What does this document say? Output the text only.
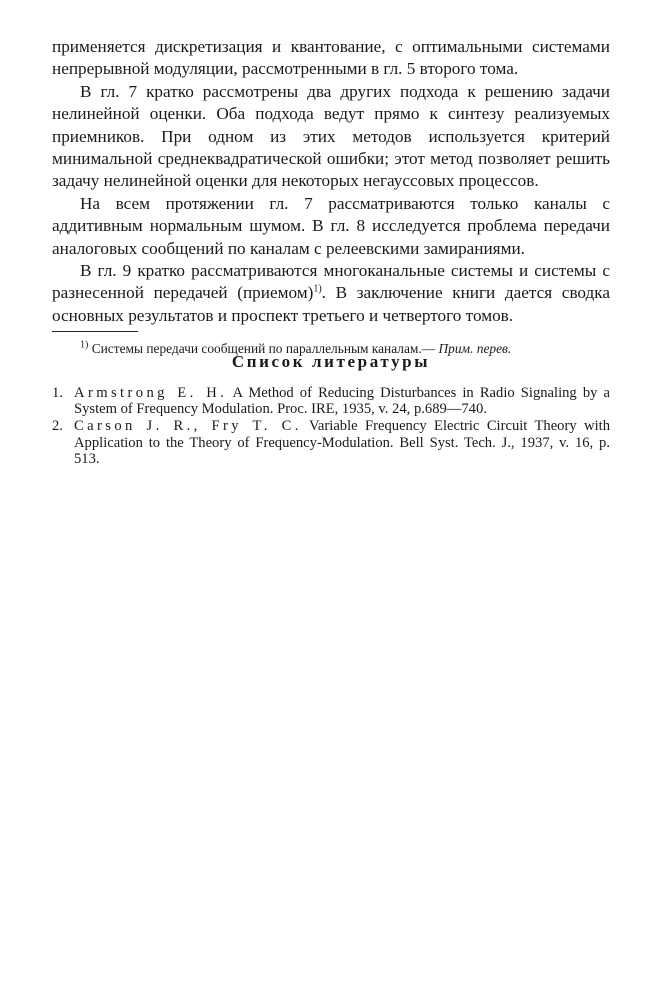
применяется дискретизация и квантование, с оптимальными системами непрерывной модуляции, рассмотренными в гл. 5 второго тома.

В гл. 7 кратко рассмотрены два других подхода к решению задачи нелинейной оценки. Оба подхода ведут прямо к синтезу реализуемых приемников. При одном из этих методов используется критерий минимальной среднеквадратической ошибки; этот метод позволяет решить задачу нелинейной оценки для некоторых негауссовых процессов.

На всем протяжении гл. 7 рассматриваются только каналы с аддитивным нормальным шумом. В гл. 8 исследуется проблема передачи аналоговых сообщений по каналам с релеевскими замираниями.

В гл. 9 кратко рассматриваются многоканальные системы и системы с разнесенной передачей (приемом)$^{1)}$. В заключение книги дается сводка основных результатов и проспект третьего и четвертого томов.

$^{1)}$ Системы передачи сообщений по параллельным каналам.— Прим. перев.

Список литературы
1. Armstrong E. H. A Method of Reducing Disturbances in Radio Signaling by a System of Frequency Modulation. Proc. IRE, 1935, v. 24, p.689—740.
2. Carson J. R., Fry T. C. Variable Frequency Electric Circuit Theory with Application to the Theory of Frequency-Modulation. Bell Syst. Tech. J., 1937, v. 16, p. 513.
